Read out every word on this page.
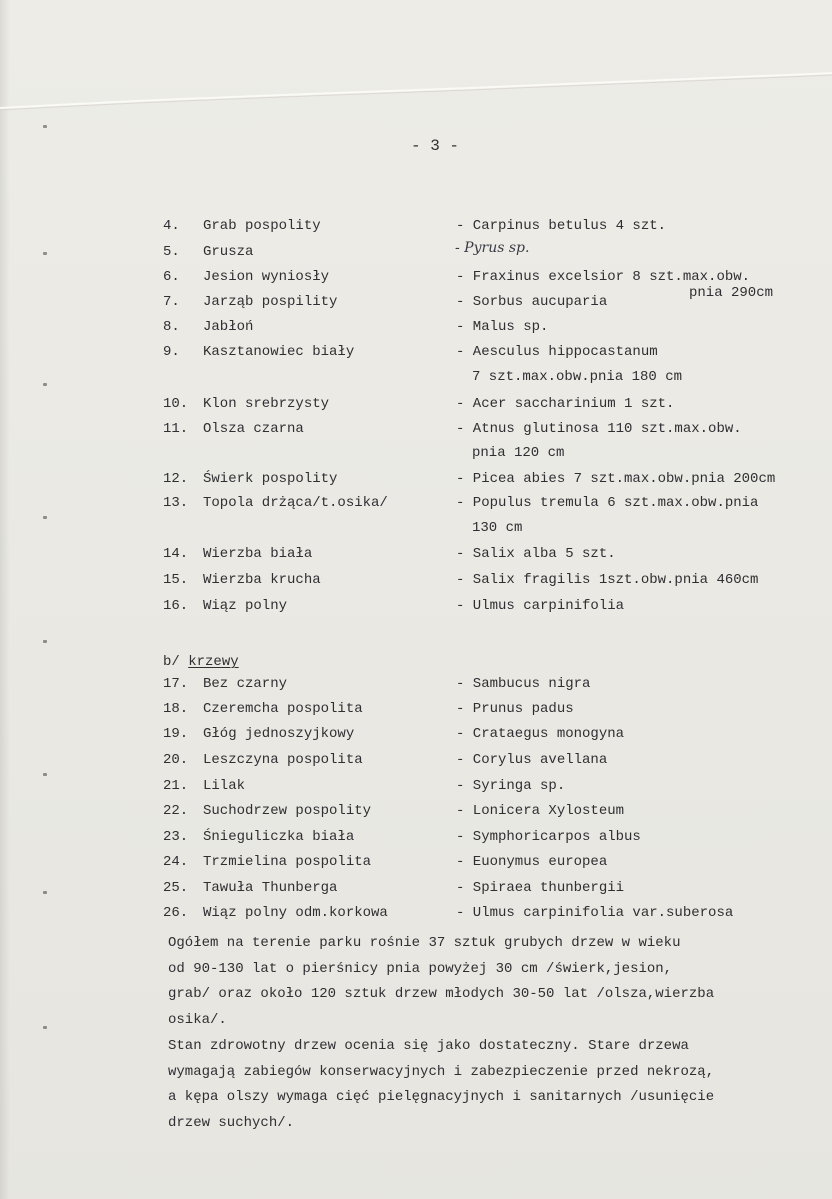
- 3 -
4.	Grab pospolity	- Carpinus betulus 4 szt.
5.	Grusza	- Pyrus sp.
6.	Jesion wyniosły	- Fraxinus excelsior 8 szt.max.obw.
pnia 290cm
7.	Jarząb pospility	- Sorbus aucuparia
8.	Jabłoń	- Malus sp.
9.	Kasztanowiec biały	- Aesculus hippocastanum
7 szt.max.obw.pnia 180 cm
10.	Klon srebrzysty	- Acer saccharinium 1 szt.
11.	Olsza czarna	- Atnus glutinosa 110 szt.max.obw.
pnia 120 cm
12.	Świerk pospolity	- Picea abies 7 szt.max.obw.pnia 200cm
13.	Topola drżąca/t.osika/	- Populus tremula 6 szt.max.obw.pnia
130 cm
14.	Wierzba biała	- Salix alba 5 szt.
15.	Wierzba krucha	- Salix fragilis 1szt.obw.pnia 460cm
16.	Wiąz polny	- Ulmus carpinifolia
b/ krzewy
17.	Bez czarny	- Sambucus nigra
18.	Czeremcha pospolita	- Prunus padus
19.	Głóg jednoszyjkowy	- Crataegus monogyna
20.	Leszczyna pospolita	- Corylus avellana
21.	Lilak	- Syringa sp.
22.	Suchodrzew pospolity	- Lonicera Xylosteum
23.	Śnieguliczka biała	- Symphoricarpos albus
24.	Trzmielina pospolita	- Euonymus europea
25.	Tawuła Thunberga	- Spiraea thunbergii
26.	Wiąz polny odm.korkowa	- Ulmus carpinifolia var.suberosa
Ogółem na terenie parku rośnie 37 sztuk grubych drzew w wieku
od 90-130 lat o pierśnicy pnia powyżej 30 cm /świerk,jesion,
grab/ oraz około 120 sztuk drzew młodych 30-50 lat /olsza,wierzba
osika/.
Stan zdrowotny drzew ocenia się jako dostateczny. Stare drzewa
wymagają zabiegów konserwacyjnych i zabezpieczenie przed nekrozą,
a kępa olszy wymaga cięć pielęgnacyjnych i sanitarnych /usunięcie
drzew suchych/.
